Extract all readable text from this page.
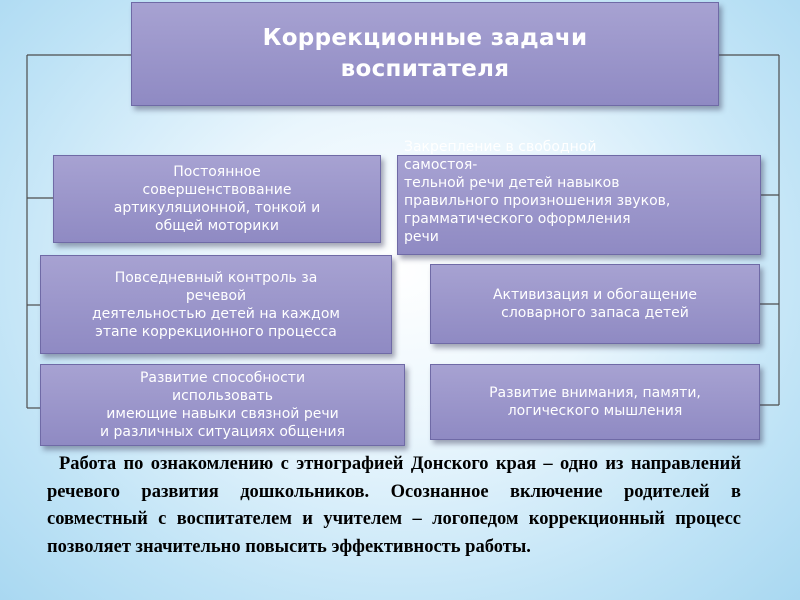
Коррекционные задачи
воспитателя
Постоянное
совершенствование
артикуляционной, тонкой и
общей моторики
Закрепление в свободной
самостоя-
тельной речи детей навыков
правильного произношения звуков,
грамматического оформления
речи
Повседневный контроль за
речевой
деятельностью детей на каждом
этапе коррекционного процесса
Активизация и обогащение
словарного запаса детей
Развитие способности
использовать
имеющие навыки связной речи
и различных ситуациях общения
Развитие внимания, памяти,
логического мышления

Работа по ознакомлению с этнографией Донского края – одно из направлений речевого развития дошкольников. Осознанное включение родителей в совместный с воспитателем и учителем – логопедом коррекционный процесс позволяет значительно повысить эффективность работы.
